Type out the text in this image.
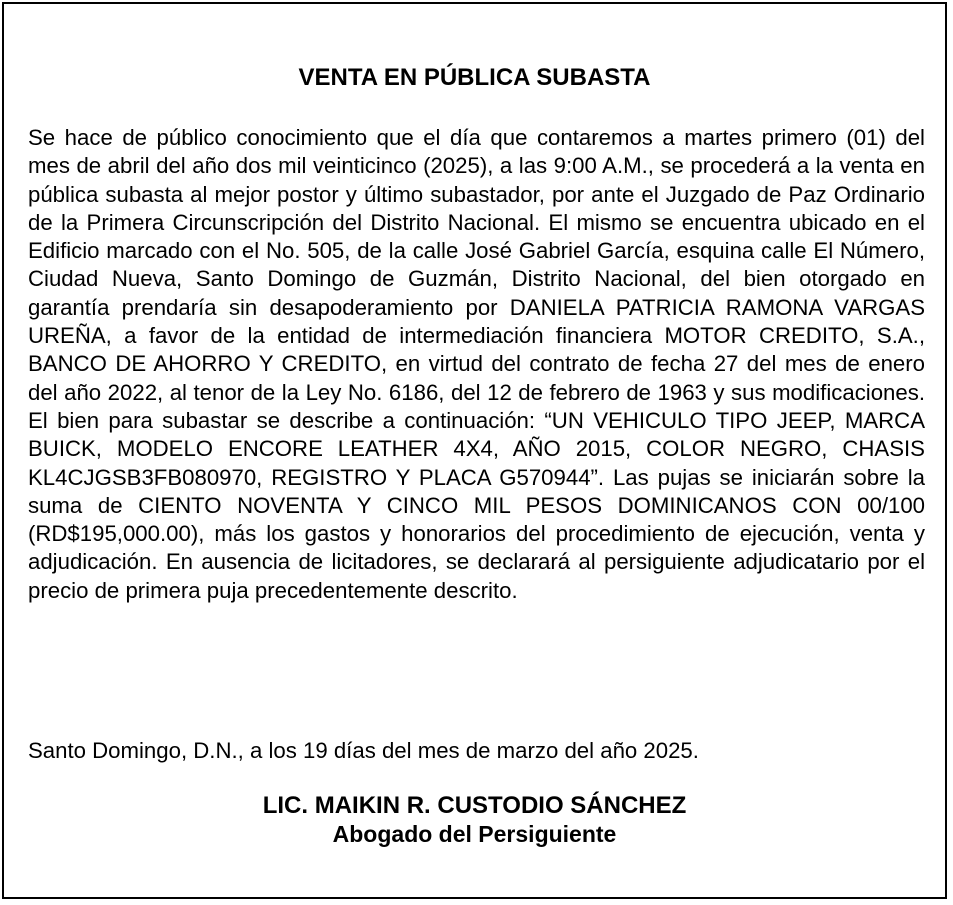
VENTA EN PÚBLICA SUBASTA

Se hace de público conocimiento que el día que contaremos a martes primero (01) del mes de abril del año dos mil veinticinco (2025), a las 9:00 A.M., se procederá a la venta en pública subasta al mejor postor y último subastador, por ante el Juzgado de Paz Ordinario de la Primera Circunscripción del Distrito Nacional. El mismo se encuentra ubicado en el Edificio marcado con el No. 505, de la calle José Gabriel García, esquina calle El Número, Ciudad Nueva, Santo Domingo de Guzmán, Distrito Nacional, del bien otorgado en garantía prendaría sin desapoderamiento por DANIELA PATRICIA RAMONA VARGAS UREÑA, a favor de la entidad de intermediación financiera MOTOR CREDITO, S.A., BANCO DE AHORRO Y CREDITO, en virtud del contrato de fecha 27 del mes de enero del año 2022, al tenor de la Ley No. 6186, del 12 de febrero de 1963 y sus modificaciones. El bien para subastar se describe a continuación: “UN VEHICULO TIPO JEEP, MARCA BUICK, MODELO ENCORE LEATHER 4X4, AÑO 2015, COLOR NEGRO, CHASIS KL4CJGSB3FB080970, REGISTRO Y PLACA G570944”. Las pujas se iniciarán sobre la suma de CIENTO NOVENTA Y CINCO MIL PESOS DOMINICANOS CON 00/100 (RD$195,000.00), más los gastos y honorarios del procedimiento de ejecución, venta y adjudicación. En ausencia de licitadores, se declarará al persiguiente adjudicatario por el precio de primera puja precedentemente descrito.

Santo Domingo, D.N., a los 19 días del mes de marzo del año 2025.

LIC. MAIKIN R. CUSTODIO SÁNCHEZ
Abogado del Persiguiente
